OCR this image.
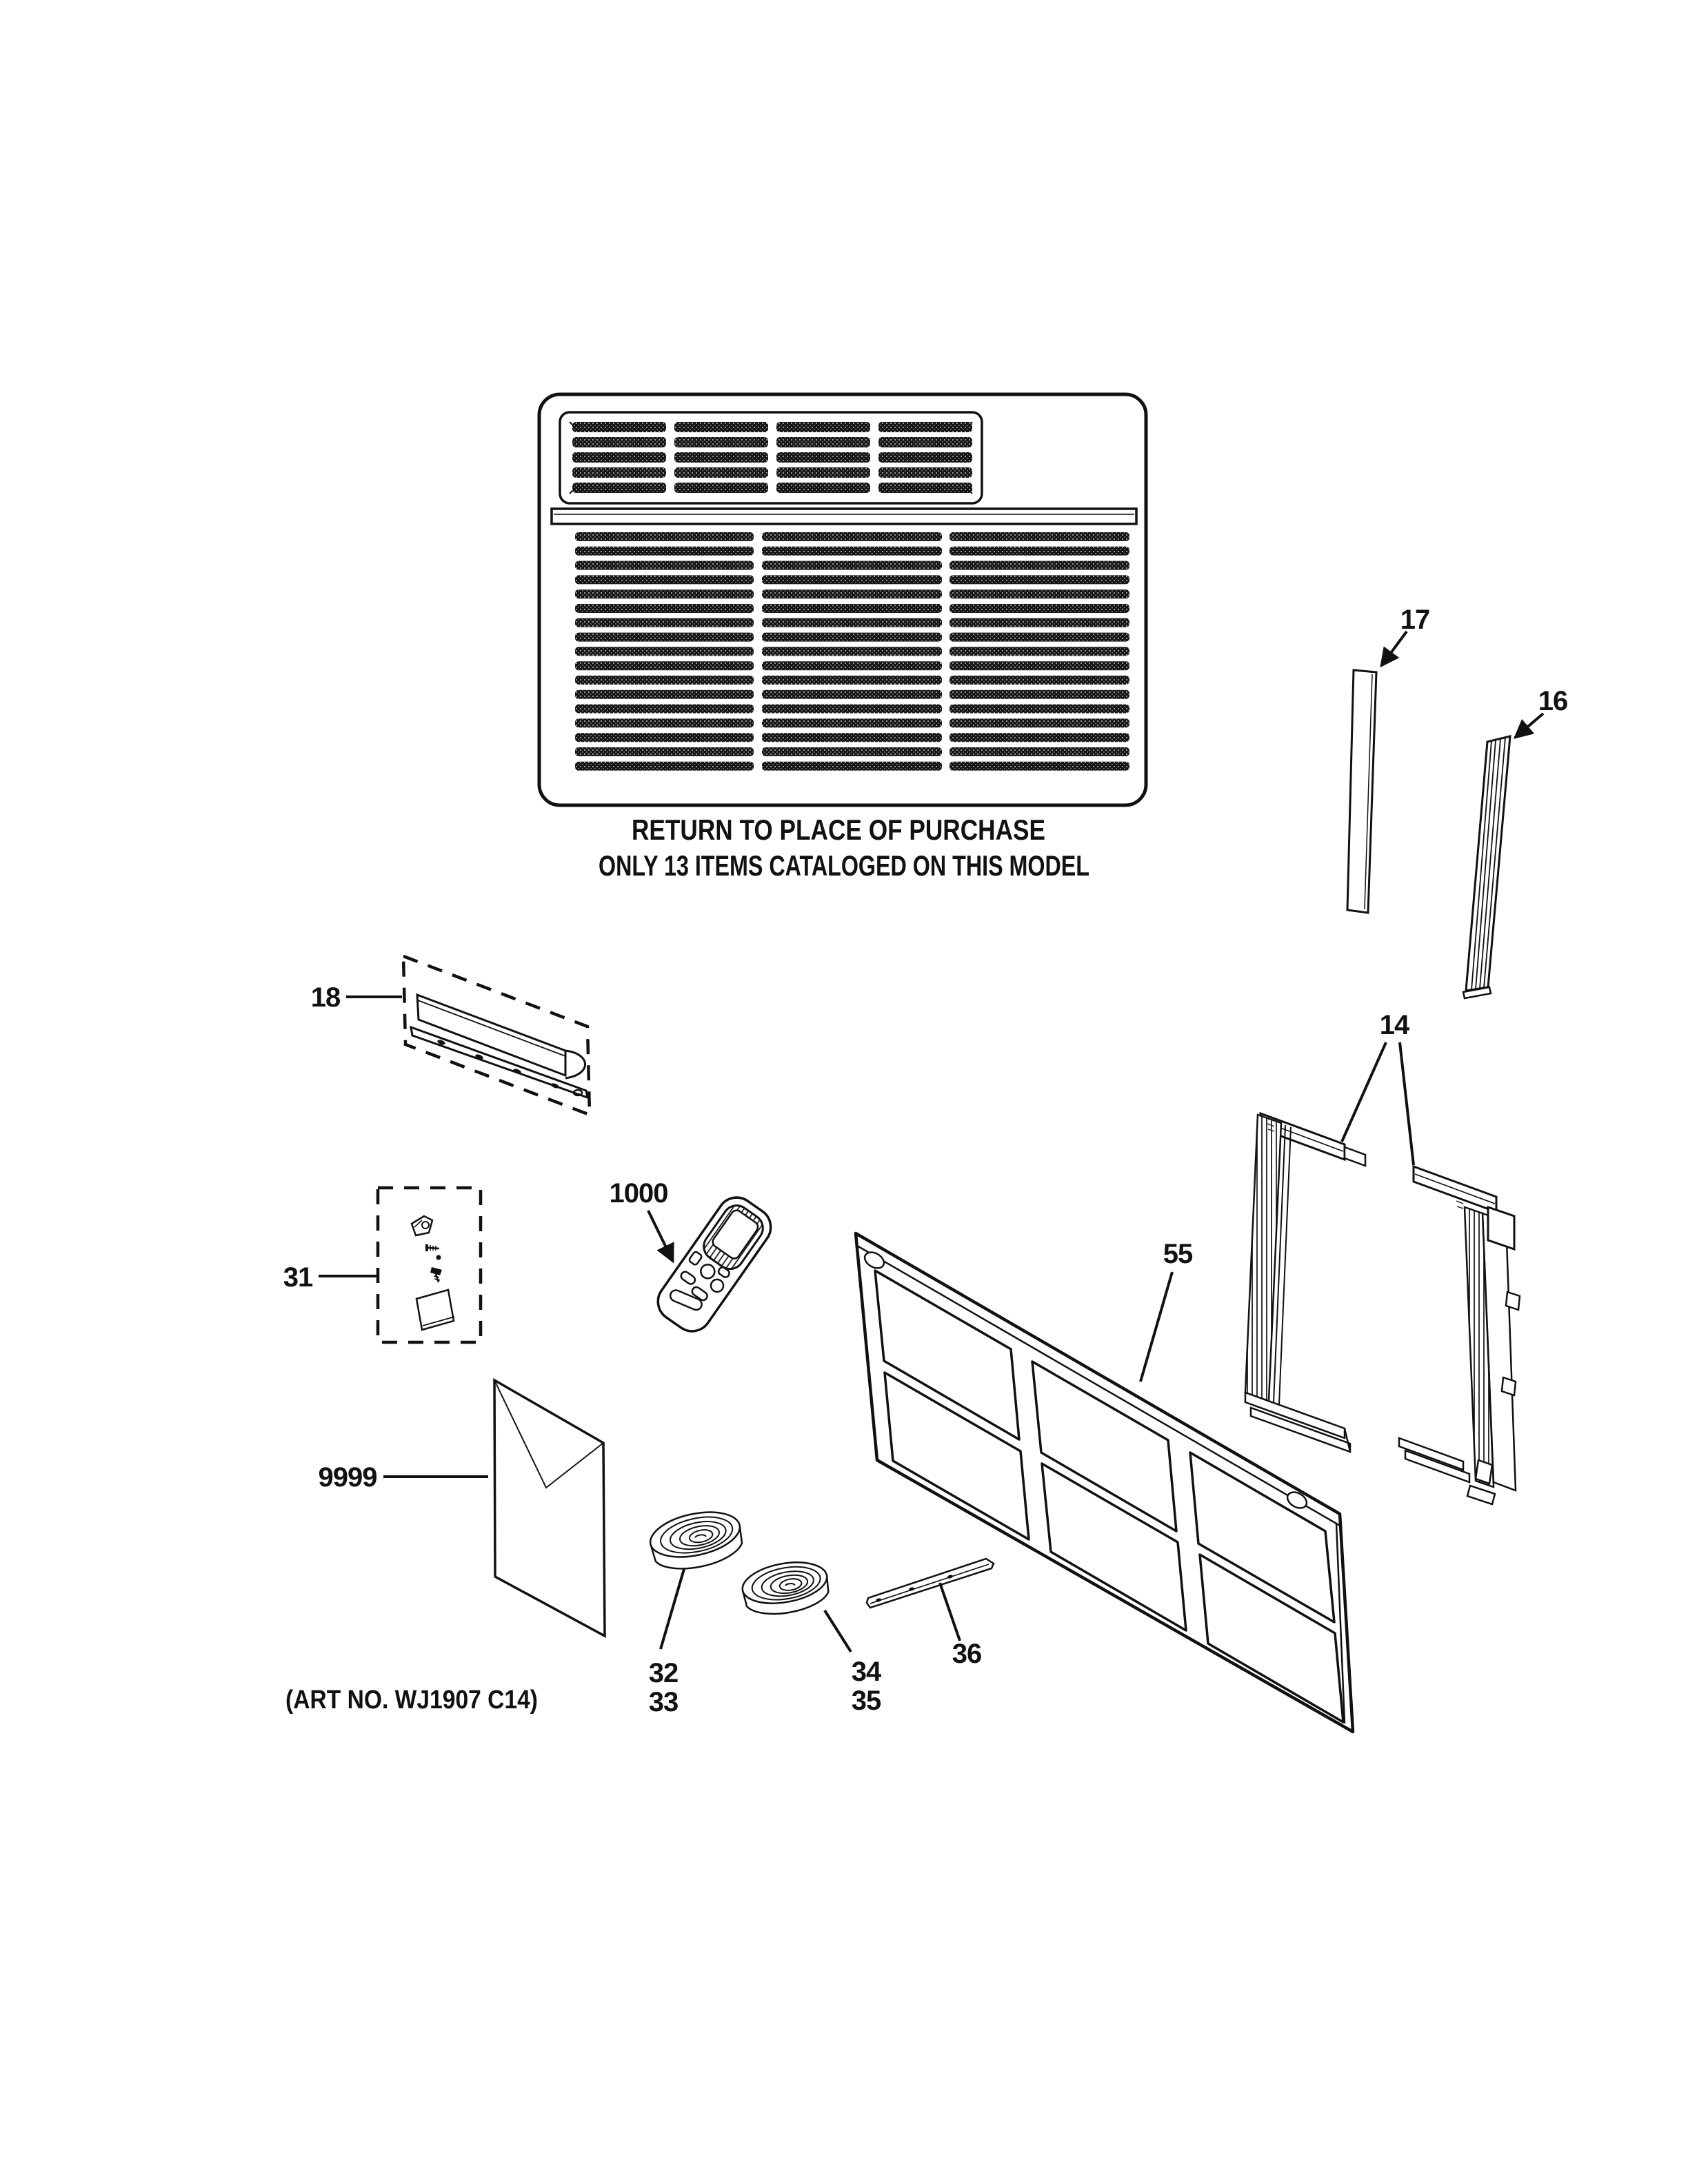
RETURN TO PLACE OF PURCHASE
ONLY 13 ITEMS CATALOGED ON THIS MODEL
17
16
18
14
31
1000
9999
55
32
33
34
35
36
(ART NO. WJ1907 C14)
